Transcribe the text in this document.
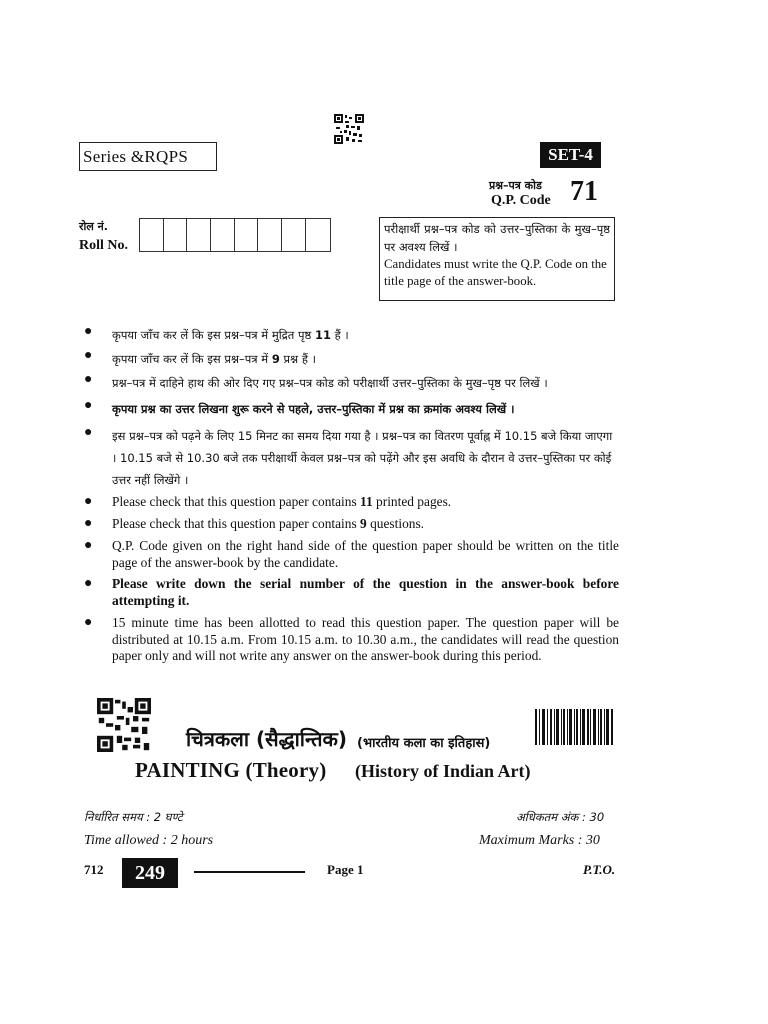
Series &RQPS	SET-4
प्रश्न–पत्र कोड
Q.P. Code 71
रोल नं.
Roll No.
परीक्षार्थी प्रश्न–पत्र कोड को उत्तर–पुस्तिका के मुख–पृष्ठ पर अवश्य लिखें ।
Candidates must write the Q.P. Code on the title page of the answer-book.
●	कृपया जाँच कर लें कि इस प्रश्न–पत्र में मुद्रित पृष्ठ 11 हैं ।
●	कृपया जाँच कर लें कि इस प्रश्न–पत्र में 9 प्रश्न हैं ।
●	प्रश्न–पत्र में दाहिने हाथ की ओर दिए गए प्रश्न–पत्र कोड को परीक्षार्थी उत्तर–पुस्तिका के मुख–पृष्ठ पर लिखें ।
●	कृपया प्रश्न का उत्तर लिखना शुरू करने से पहले, उत्तर–पुस्तिका में प्रश्न का क्रमांक अवश्य लिखें ।
●	इस प्रश्न–पत्र को पढ़ने के लिए 15 मिनट का समय दिया गया है । प्रश्न–पत्र का वितरण पूर्वाह्न में 10.15 बजे किया जाएगा । 10.15 बजे से 10.30 बजे तक परीक्षार्थी केवल प्रश्न–पत्र को पढ़ेंगे और इस अवधि के दौरान वे उत्तर–पुस्तिका पर कोई उत्तर नहीं लिखेंगे ।
●	Please check that this question paper contains 11 printed pages.
●	Please check that this question paper contains 9 questions.
●	Q.P. Code given on the right hand side of the question paper should be written on the title page of the answer-book by the candidate.
●	Please write down the serial number of the question in the answer-book before attempting it.
●	15 minute time has been allotted to read this question paper. The question paper will be distributed at 10.15 a.m. From 10.15 a.m. to 10.30 a.m., the candidates will read the question paper only and will not write any answer on the answer-book during this period.
चित्रकला (सैद्धान्तिक) (भारतीय कला का इतिहास)
PAINTING (Theory) (History of Indian Art)
निर्धारित समय : 2 घण्टे
Time allowed : 2 hours
अधिकतम अंक : 30
Maximum Marks : 30
712	249	Page 1	P.T.O.
